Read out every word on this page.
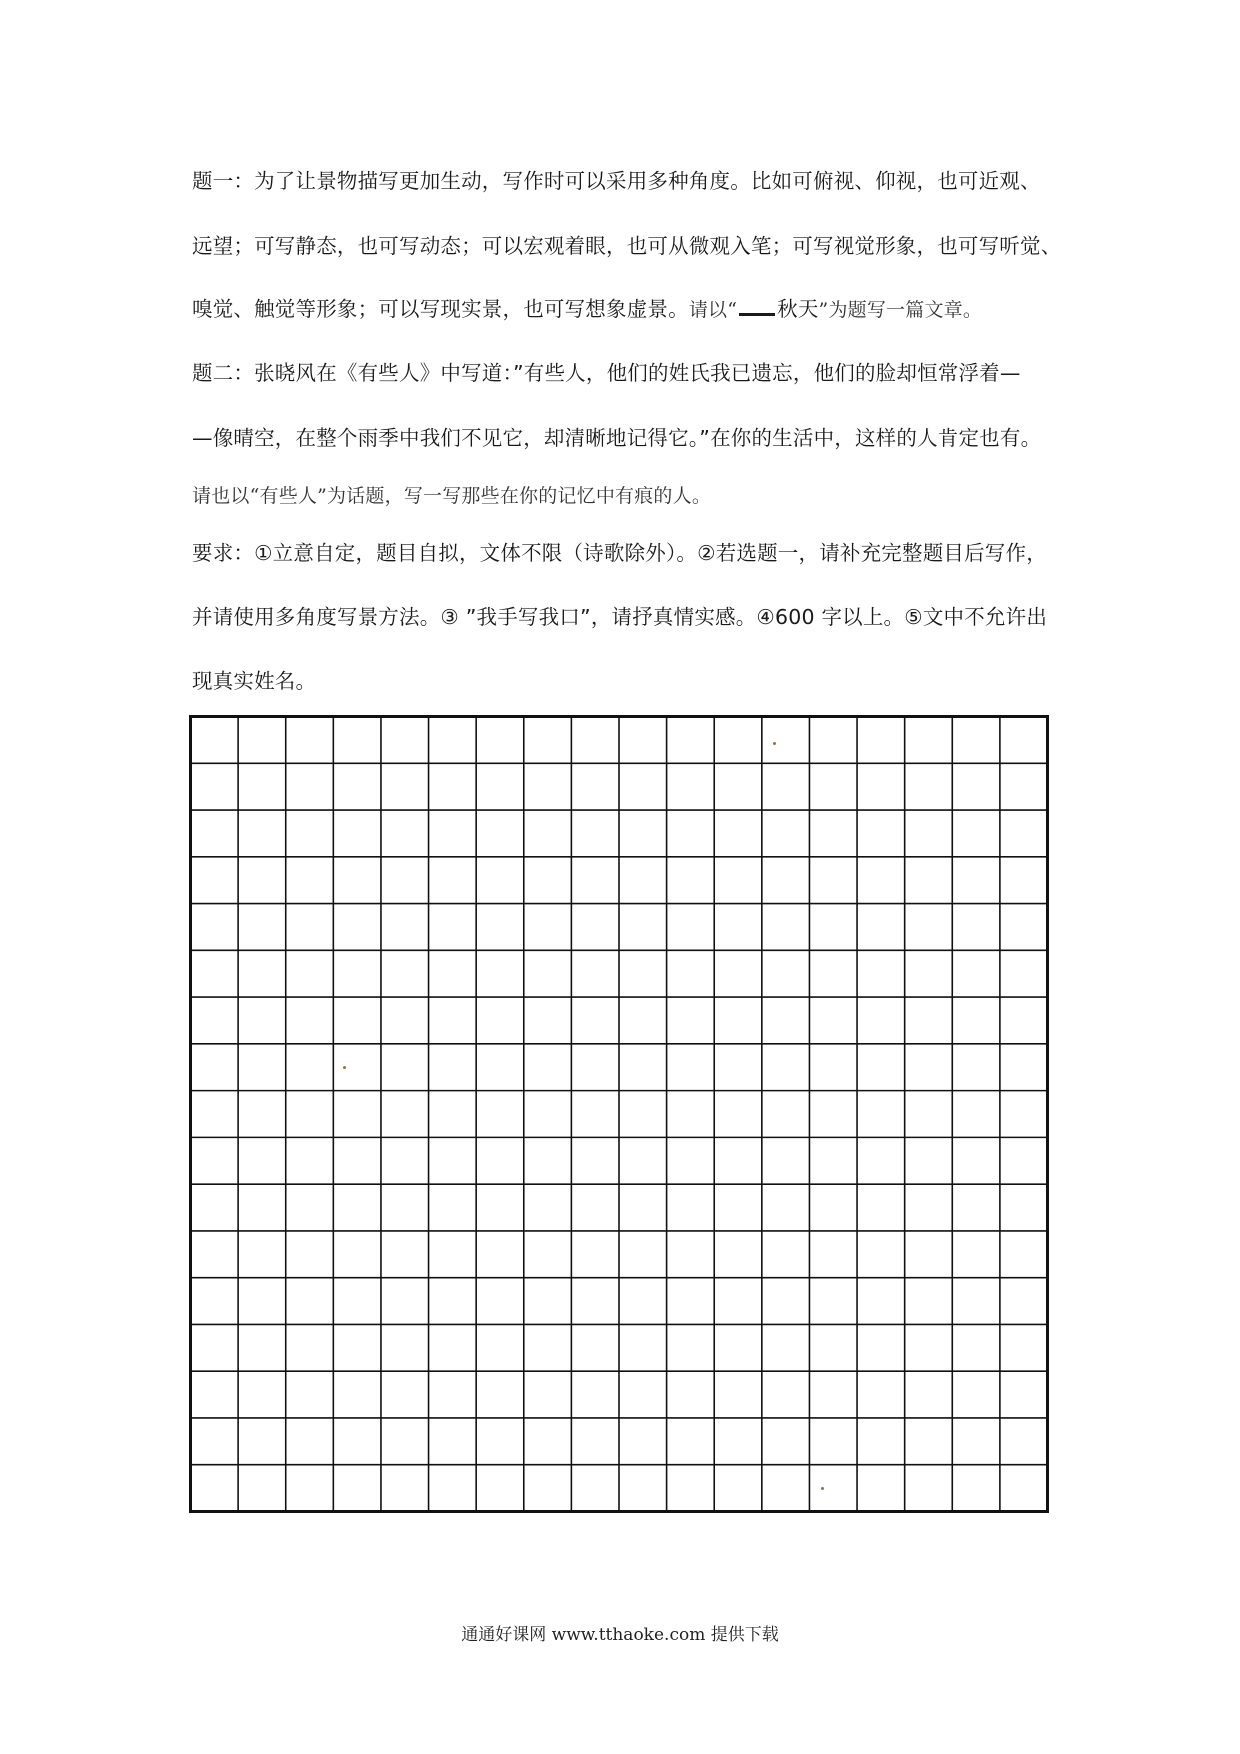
题一：为了让景物描写更加生动，写作时可以采用多种角度。比如可俯视、仰视，也可近观、
远望；可写静态，也可写动态；可以宏观着眼，也可从微观入笔；可写视觉形象，也可写听觉、
嗅觉、触觉等形象；可以写现实景，也可写想象虚景。请以“ 秋天”为题写一篇文章。
题二：张晓风在《有些人》中写道：”有些人，他们的姓氏我已遗忘，他们的脸却恒常浮着—
—像晴空，在整个雨季中我们不见它，却清晰地记得它。”在你的生活中，这样的人肯定也有。
请也以“有些人”为话题，写一写那些在你的记忆中有痕的人。
要求：①立意自定，题目自拟，文体不限（诗歌除外）。②若选题一，请补充完整题目后写作，
并请使用多角度写景方法。③ ”我手写我口”，请抒真情实感。④600 字以上。⑤文中不允许出
现真实姓名。
通通好课网 www.tthaoke.com 提供下载
